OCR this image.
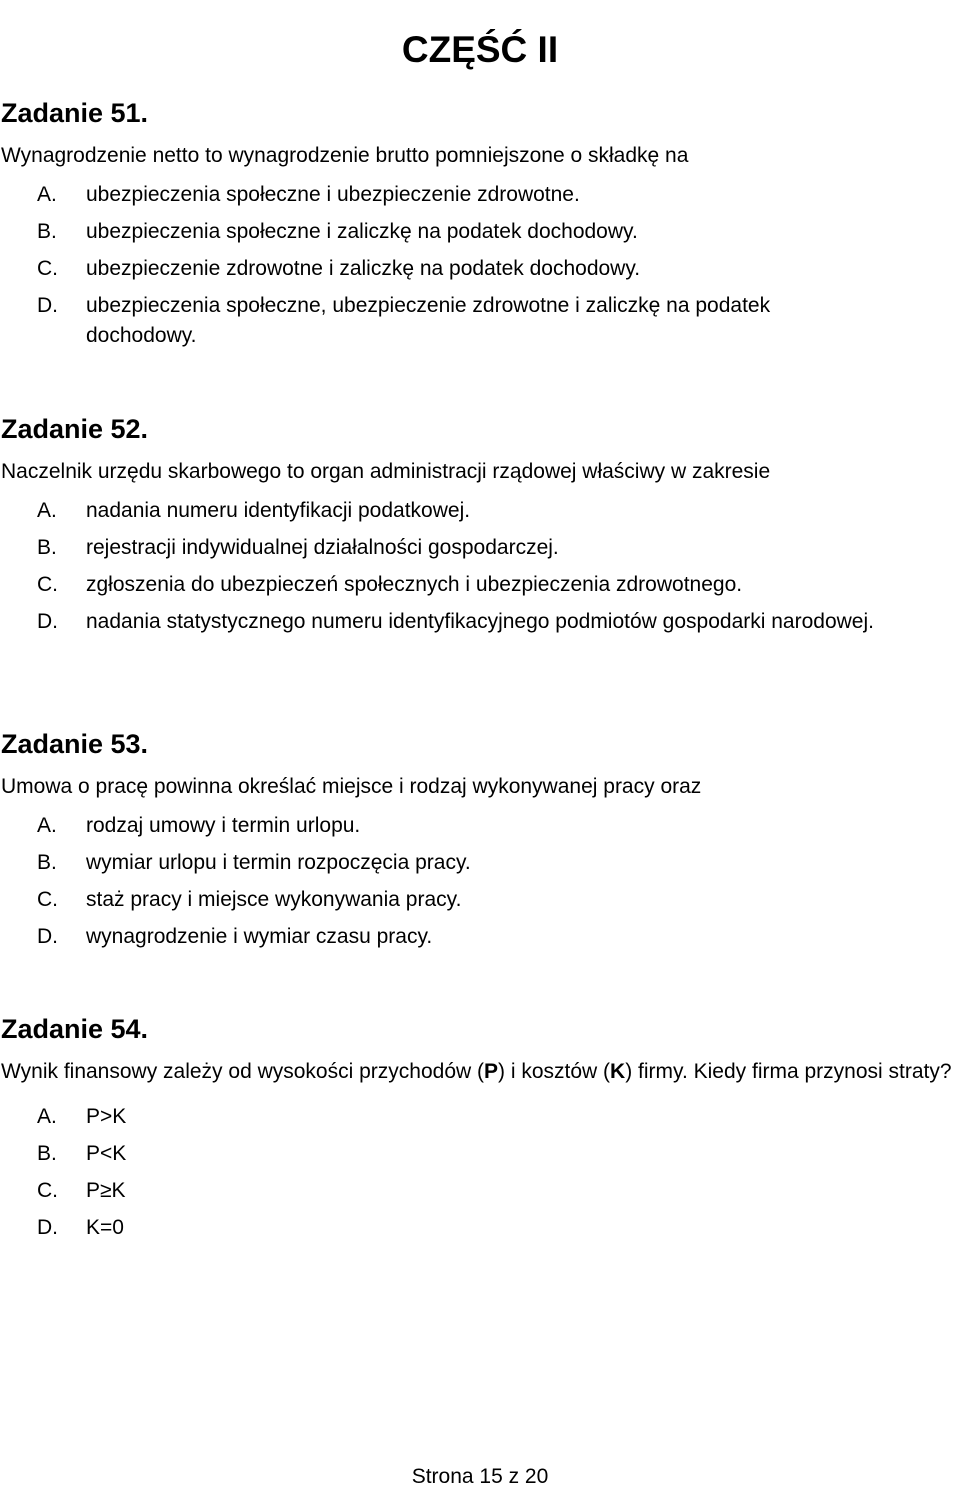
CZĘŚĆ II
Zadanie 51.

Wynagrodzenie netto to wynagrodzenie brutto pomniejszone o składkę na

A.	ubezpieczenia społeczne i ubezpieczenie zdrowotne.
B.	ubezpieczenia społeczne i zaliczkę na podatek dochodowy.
C.	ubezpieczenie zdrowotne i zaliczkę na podatek dochodowy.
D.	ubezpieczenia społeczne, ubezpieczenie zdrowotne i zaliczkę na podatek dochodowy.
Zadanie 52.

Naczelnik urzędu skarbowego to organ administracji rządowej właściwy w zakresie

A.	nadania numeru identyfikacji podatkowej.
B.	rejestracji indywidualnej działalności gospodarczej.
C.	zgłoszenia do ubezpieczeń społecznych i ubezpieczenia zdrowotnego.
D.	nadania statystycznego numeru identyfikacyjnego podmiotów gospodarki narodowej.
Zadanie 53.

Umowa o pracę powinna określać miejsce i rodzaj wykonywanej pracy oraz

A.	rodzaj umowy i termin urlopu.
B.	wymiar urlopu i termin rozpoczęcia pracy.
C.	staż pracy i miejsce wykonywania pracy.
D.	wynagrodzenie i wymiar czasu pracy.
Zadanie 54.

Wynik finansowy zależy od wysokości przychodów (P) i kosztów (K) firmy. Kiedy firma przynosi straty?

A.	P>K
B.	P<K
C.	P≥K
D.	K=0
Strona 15 z 20
